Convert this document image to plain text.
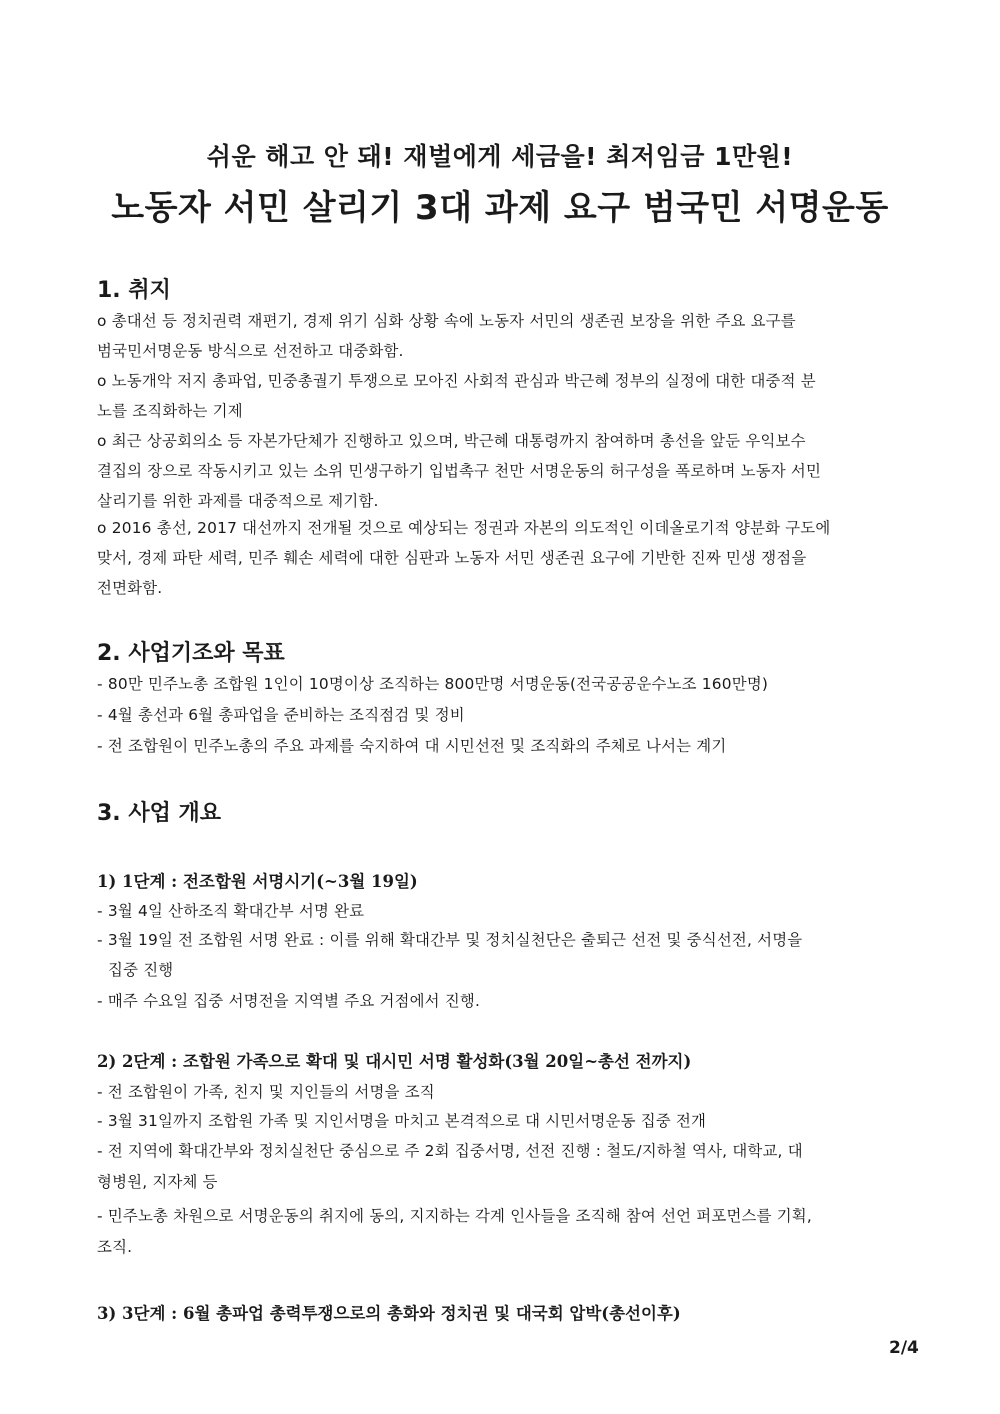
쉬운 해고 안 돼! 재벌에게 세금을! 최저임금 1만원!
노동자 서민 살리기 3대 과제 요구 범국민 서명운동
1. 취지
o 총대선 등 정치권력 재편기, 경제 위기 심화 상황 속에 노동자 서민의 생존권 보장을 위한 주요 요구를
범국민서명운동 방식으로 선전하고 대중화함.
o 노동개악 저지 총파업, 민중총궐기 투쟁으로 모아진 사회적 관심과 박근혜 정부의 실정에 대한 대중적 분
노를 조직화하는 기제
o 최근 상공회의소 등 자본가단체가 진행하고 있으며, 박근혜 대통령까지 참여하며 총선을 앞둔 우익보수
결집의 장으로 작동시키고 있는 소위 민생구하기 입법촉구 천만 서명운동의 허구성을 폭로하며 노동자 서민
살리기를 위한 과제를 대중적으로 제기함.
o 2016 총선, 2017 대선까지 전개될 것으로 예상되는 정권과 자본의 의도적인 이데올로기적 양분화 구도에
맞서, 경제 파탄 세력, 민주 훼손 세력에 대한 심판과 노동자 서민 생존권 요구에 기반한 진짜 민생 쟁점을
전면화함.
2. 사업기조와 목표
- 80만 민주노총 조합원 1인이 10명이상 조직하는 800만명 서명운동(전국공공운수노조 160만명)
- 4월 총선과 6월 총파업을 준비하는 조직점검 및 정비
- 전 조합원이 민주노총의 주요 과제를 숙지하여 대 시민선전 및 조직화의 주체로 나서는 계기
3. 사업 개요
1) 1단계 : 전조합원 서명시기(~3월 19일)
- 3월 4일 산하조직 확대간부 서명 완료
- 3월 19일 전 조합원 서명 완료 : 이를 위해 확대간부 및 정치실천단은 출퇴근 선전 및 중식선전, 서명을
집중 진행
- 매주 수요일 집중 서명전을 지역별 주요 거점에서 진행.
2) 2단계 : 조합원 가족으로 확대 및 대시민 서명 활성화(3월 20일~총선 전까지)
- 전 조합원이 가족, 친지 및 지인들의 서명을 조직
- 3월 31일까지 조합원 가족 및 지인서명을 마치고 본격적으로 대 시민서명운동 집중 전개
- 전 지역에 확대간부와 정치실천단 중심으로 주 2회 집중서명, 선전 진행 : 철도/지하철 역사, 대학교, 대
형병원, 지자체 등
- 민주노총 차원으로 서명운동의 취지에 동의, 지지하는 각계 인사들을 조직해 참여 선언 퍼포먼스를 기획,
조직.
3) 3단계 : 6월 총파업 총력투쟁으로의 총화와 정치권 및 대국회 압박(총선이후)
2/4
